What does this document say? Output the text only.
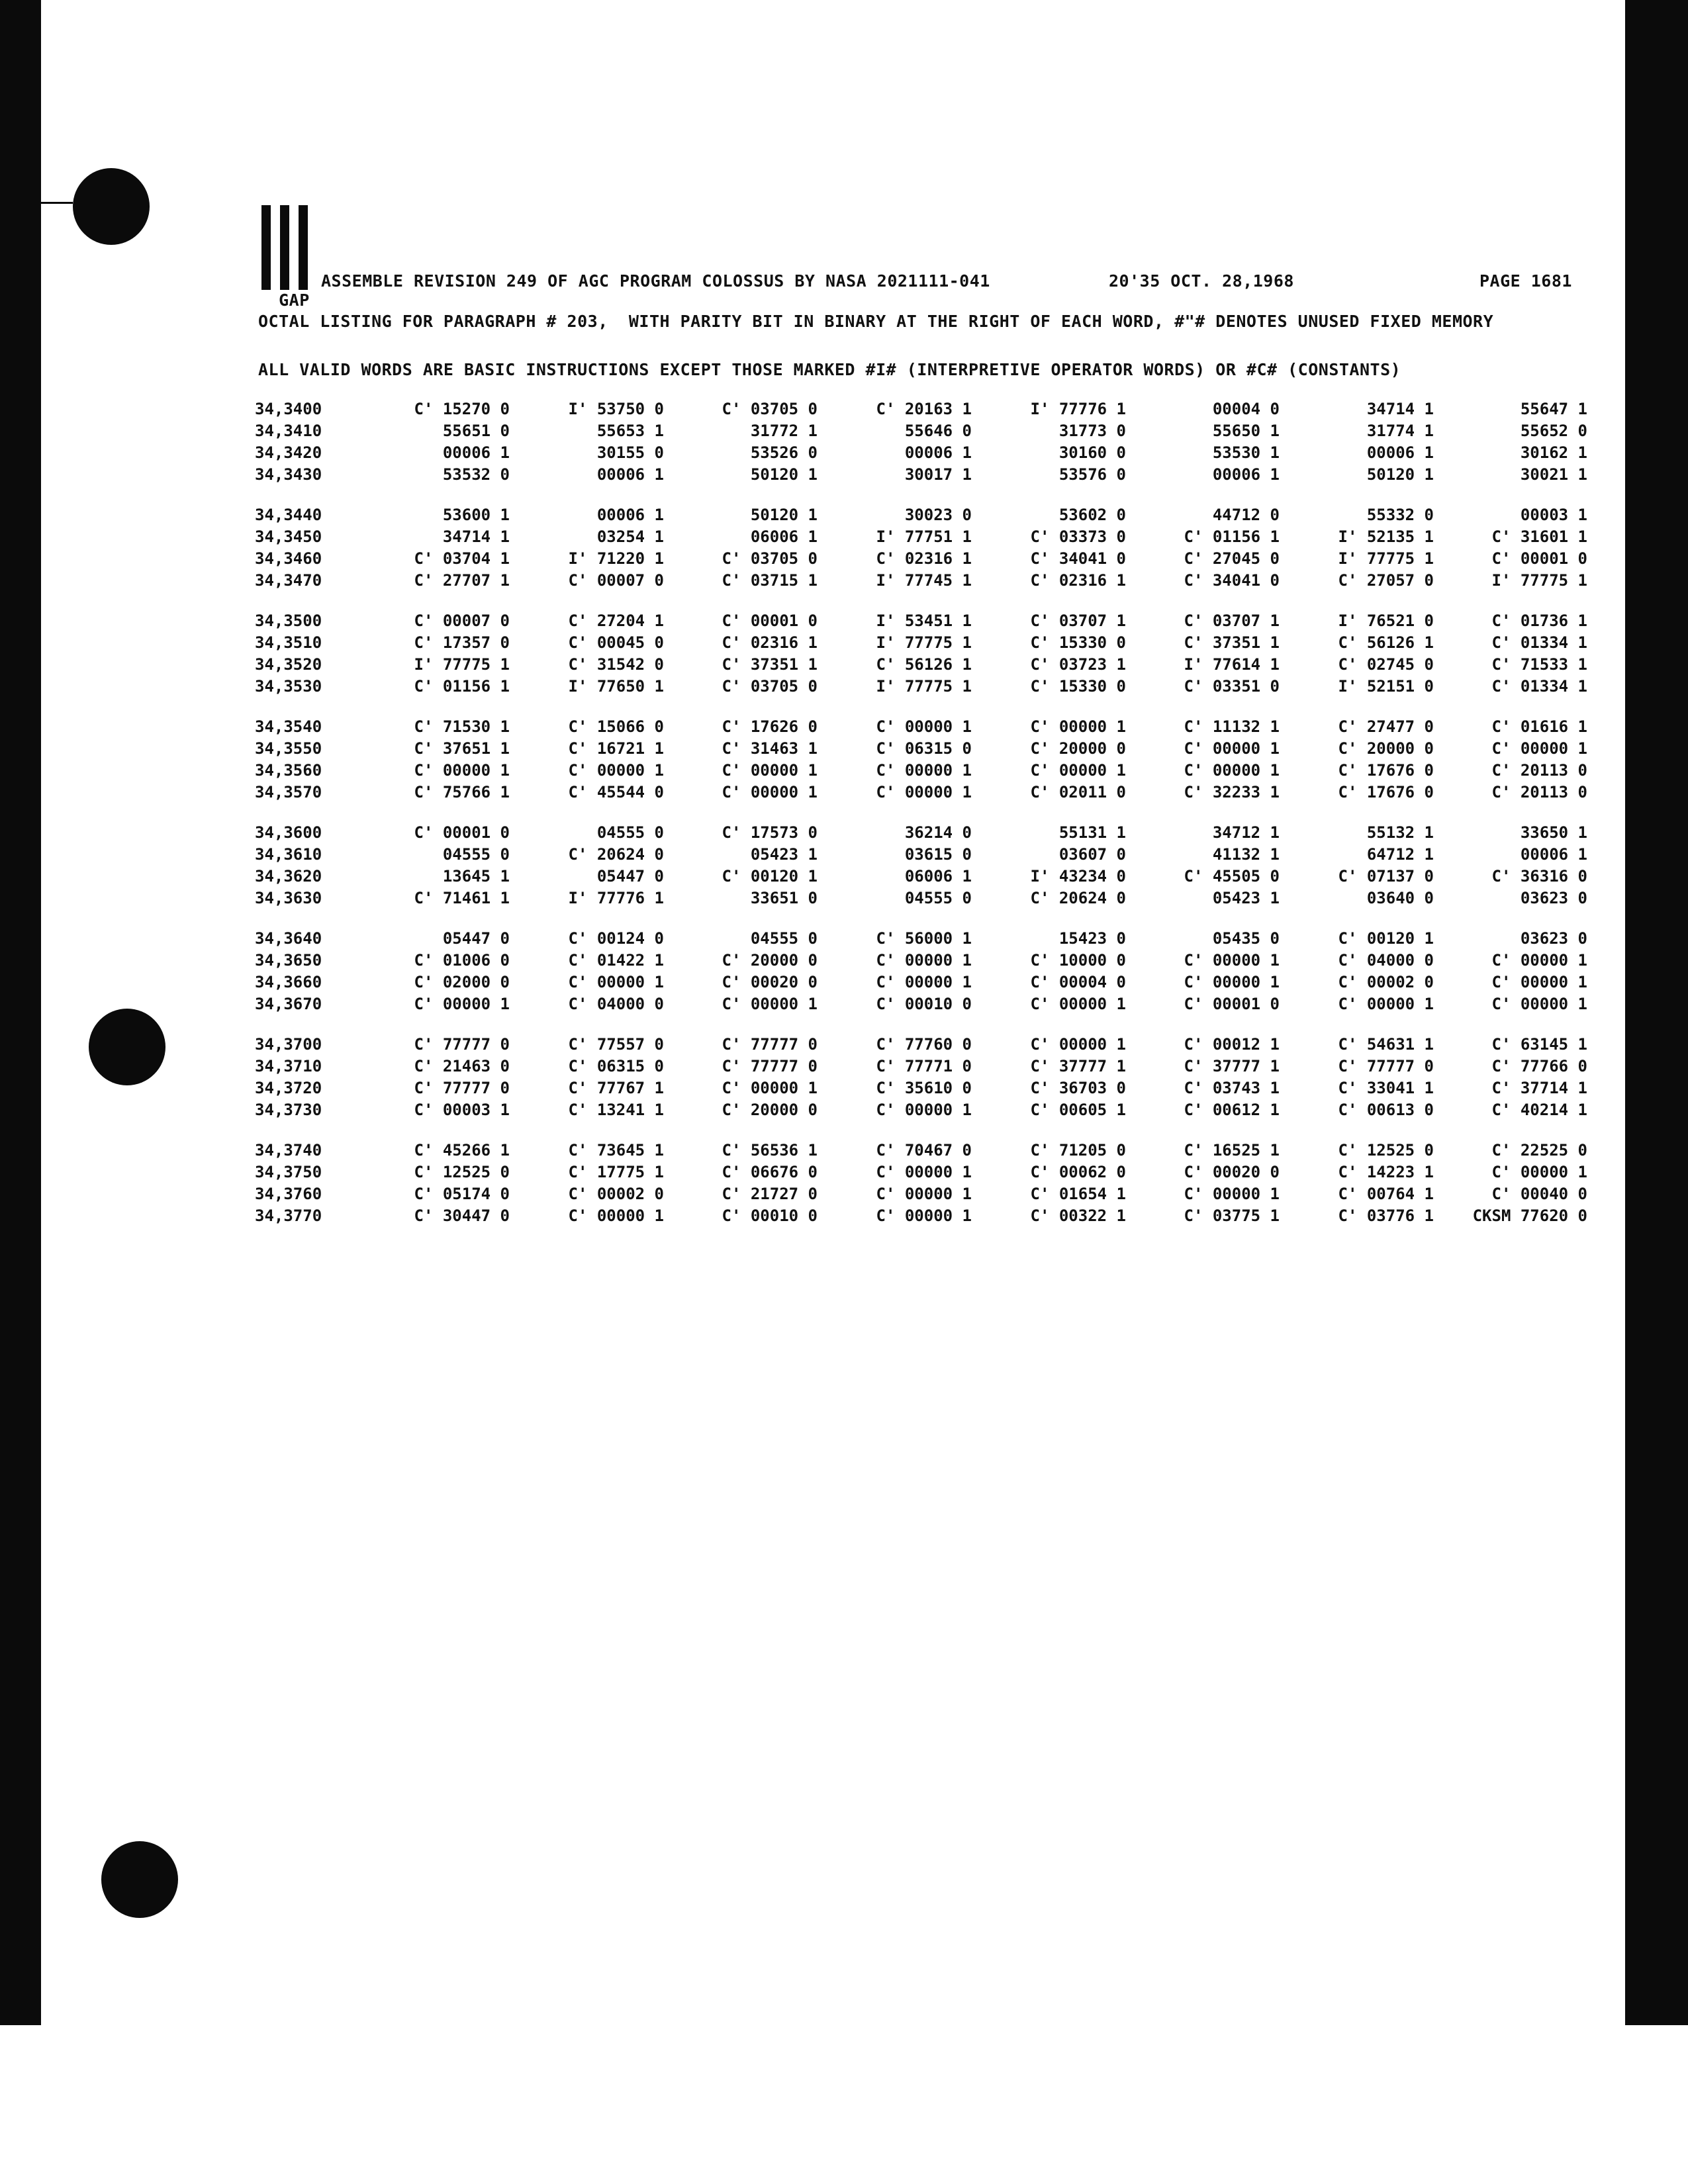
GAP

ASSEMBLE REVISION 249 OF AGC PROGRAM COLOSSUS BY NASA 2021111-041

	20'35 OCT. 28,1968

	PAGE 1681

OCTAL LISTING FOR PARAGRAPH # 203,  WITH PARITY BIT IN BINARY AT THE RIGHT OF EACH WORD, #"# DENOTES UNUSED FIXED MEMORY
ALL VALID WORDS ARE BASIC INSTRUCTIONS EXCEPT THOSE MARKED #I# (INTERPRETIVE OPERATOR WORDS) OR #C# (CONSTANTS)
34,3400	C' 15270 0	I' 53750 0	C' 03705 0	C' 20163 1	I' 77776 1	00004 0	34714 1	55647 1
34,3410	55651 0	55653 1	31772 1	55646 0	31773 0	55650 1	31774 1	55652 0
34,3420	00006 1	30155 0	53526 0	00006 1	30160 0	53530 1	00006 1	30162 1
34,3430	53532 0	00006 1	50120 1	30017 1	53576 0	00006 1	50120 1	30021 1
34,3440	53600 1	00006 1	50120 1	30023 0	53602 0	44712 0	55332 0	00003 1
34,3450	34714 1	03254 1	06006 1	I' 77751 1	C' 03373 0	C' 01156 1	I' 52135 1	C' 31601 1
34,3460	C' 03704 1	I' 71220 1	C' 03705 0	C' 02316 1	C' 34041 0	C' 27045 0	I' 77775 1	C' 00001 0
34,3470	C' 27707 1	C' 00007 0	C' 03715 1	I' 77745 1	C' 02316 1	C' 34041 0	C' 27057 0	I' 77775 1
34,3500	C' 00007 0	C' 27204 1	C' 00001 0	I' 53451 1	C' 03707 1	C' 03707 1	I' 76521 0	C' 01736 1
34,3510	C' 17357 0	C' 00045 0	C' 02316 1	I' 77775 1	C' 15330 0	C' 37351 1	C' 56126 1	C' 01334 1
34,3520	I' 77775 1	C' 31542 0	C' 37351 1	C' 56126 1	C' 03723 1	I' 77614 1	C' 02745 0	C' 71533 1
34,3530	C' 01156 1	I' 77650 1	C' 03705 0	I' 77775 1	C' 15330 0	C' 03351 0	I' 52151 0	C' 01334 1
34,3540	C' 71530 1	C' 15066 0	C' 17626 0	C' 00000 1	C' 00000 1	C' 11132 1	C' 27477 0	C' 01616 1
34,3550	C' 37651 1	C' 16721 1	C' 31463 1	C' 06315 0	C' 20000 0	C' 00000 1	C' 20000 0	C' 00000 1
34,3560	C' 00000 1	C' 00000 1	C' 00000 1	C' 00000 1	C' 00000 1	C' 00000 1	C' 17676 0	C' 20113 0
34,3570	C' 75766 1	C' 45544 0	C' 00000 1	C' 00000 1	C' 02011 0	C' 32233 1	C' 17676 0	C' 20113 0
34,3600	C' 00001 0	04555 0	C' 17573 0	36214 0	55131 1	34712 1	55132 1	33650 1
34,3610	04555 0	C' 20624 0	05423 1	03615 0	03607 0	41132 1	64712 1	00006 1
34,3620	13645 1	05447 0	C' 00120 1	06006 1	I' 43234 0	C' 45505 0	C' 07137 0	C' 36316 0
34,3630	C' 71461 1	I' 77776 1	33651 0	04555 0	C' 20624 0	05423 1	03640 0	03623 0
34,3640	05447 0	C' 00124 0	04555 0	C' 56000 1	15423 0	05435 0	C' 00120 1	03623 0
34,3650	C' 01006 0	C' 01422 1	C' 20000 0	C' 00000 1	C' 10000 0	C' 00000 1	C' 04000 0	C' 00000 1
34,3660	C' 02000 0	C' 00000 1	C' 00020 0	C' 00000 1	C' 00004 0	C' 00000 1	C' 00002 0	C' 00000 1
34,3670	C' 00000 1	C' 04000 0	C' 00000 1	C' 00010 0	C' 00000 1	C' 00001 0	C' 00000 1	C' 00000 1
34,3700	C' 77777 0	C' 77557 0	C' 77777 0	C' 77760 0	C' 00000 1	C' 00012 1	C' 54631 1	C' 63145 1
34,3710	C' 21463 0	C' 06315 0	C' 77777 0	C' 77771 0	C' 37777 1	C' 37777 1	C' 77777 0	C' 77766 0
34,3720	C' 77777 0	C' 77767 1	C' 00000 1	C' 35610 0	C' 36703 0	C' 03743 1	C' 33041 1	C' 37714 1
34,3730	C' 00003 1	C' 13241 1	C' 20000 0	C' 00000 1	C' 00605 1	C' 00612 1	C' 00613 0	C' 40214 1
34,3740	C' 45266 1	C' 73645 1	C' 56536 1	C' 70467 0	C' 71205 0	C' 16525 1	C' 12525 0	C' 22525 0
34,3750	C' 12525 0	C' 17775 1	C' 06676 0	C' 00000 1	C' 00062 0	C' 00020 0	C' 14223 1	C' 00000 1
34,3760	C' 05174 0	C' 00002 0	C' 21727 0	C' 00000 1	C' 01654 1	C' 00000 1	C' 00764 1	C' 00040 0
34,3770	C' 30447 0	C' 00000 1	C' 00010 0	C' 00000 1	C' 00322 1	C' 03775 1	C' 03776 1	CKSM 77620 0
